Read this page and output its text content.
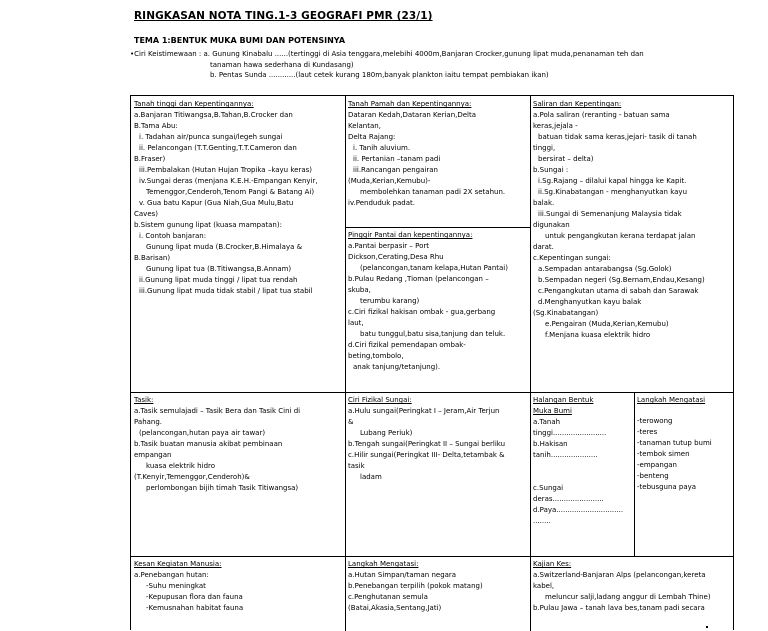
RINGKASAN NOTA TING.1-3 GEOGRAFI PMR (23/1)
TEMA 1:BENTUK MUKA BUMI DAN POTENSINYA
•Ciri Keistimewaan : a. Gunung Kinabalu ......(tertinggi di Asia tenggara,melebihi 4000m,Banjaran Crocker,gunung lipat muda,penanaman teh dan
tanaman hawa sederhana di Kundasang)
b. Pentas Sunda ............(laut cetek kurang 180m,banyak plankton iaitu tempat pembiakan ikan)
Tanah tinggi dan Kepentingannya:
a.Banjaran Titiwangsa,B.Tahan,B.Crocker dan
B.Tama Abu:
i. Tadahan air/punca sungai/legeh sungai
ii. Pelancongan (T.T.Genting,T.T.Cameron dan
B.Fraser)
iii.Pembalakan (Hutan Hujan Tropika –kayu keras)
iv.Sungai deras (menjana K.E.H.-Empangan Kenyir,
Temenggor,Cenderoh,Tenom Pangi & Batang Ai)
v. Gua batu Kapur (Gua Niah,Gua Mulu,Batu
Caves)
b.Sistem gunung lipat (kuasa mampatan):
i. Contoh banjaran:
Gunung lipat muda (B.Crocker,B.Himalaya &
B.Barisan)
Gunung lipat tua (B.Titiwangsa,B.Annam)
ii.Gunung lipat muda tinggi / lipat tua rendah
iii.Gunung lipat muda tidak stabil / lipat tua stabil
Tanah Pamah dan Kepentingannya:
Dataran Kedah,Dataran Kerian,Delta
Kelantan,
Delta Rajang:
i. Tanih aluvium.
ii. Pertanian –tanam padi
iii.Rancangan pengairan
(Muda,Kerian,Kemubu)-
membolehkan tanaman padi 2X setahun.
iv.Penduduk padat.
Pinggir Pantai dan kepentingannya:
a.Pantai berpasir – Port
Dickson,Cerating,Desa Rhu
(pelancongan,tanam kelapa,Hutan Pantai)
b.Pulau Redang ,Tioman (pelancongan –
skuba,
terumbu karang)
c.Ciri fizikal hakisan ombak - gua,gerbang
laut,
batu tunggul,batu sisa,tanjung dan teluk.
d.Ciri fizikal pemendapan ombak-
beting,tombolo,
anak tanjung/tetanjung).
Saliran dan Kepentingan:
a.Pola saliran (reranting - batuan sama
keras,jejala -
batuan tidak sama keras,jejari- tasik di tanah
tinggi,
bersirat – delta)
b.Sungai :
i.Sg.Rajang – dilalui kapal hingga ke Kapit.
ii.Sg.Kinabatangan - menghanyutkan kayu
balak.
iii.Sungai di Semenanjung Malaysia tidak
digunakan
untuk pengangkutan kerana terdapat jalan
darat.
c.Kepentingan sungai:
a.Sempadan antarabangsa (Sg.Golok)
b.Sempadan negeri (Sg.Bernam,Endau,Kesang)
c.Pengangkutan utama di sabah dan Sarawak
d.Menghanyutkan kayu balak
(Sg.Kinabatangan)
e.Pengairan (Muda,Kerian,Kemubu)
f.Menjana kuasa elektrik hidro
Tasik:
a.Tasik semulajadi – Tasik Bera dan Tasik Cini di
Pahang.
(pelancongan,hutan paya air tawar)
b.Tasik buatan manusia akibat pembinaan
empangan
kuasa elektrik hidro
(T.Kenyir,Temenggor,Cenderoh)&
perlombongan bijih timah Tasik Titiwangsa)
Ciri Fizikal Sungai:
a.Hulu sungai(Peringkat I – Jeram,Air Terjun
&
Lubang Periuk)
b.Tengah sungai(Peringkat II – Sungai berliku
c.Hilir sungai(Peringkat III- Delta,tetambak &
tasik
ladam
Halangan Bentuk
Muka Bumi
a.Tanah
tinggi........................
b.Hakisan
tanih.....................
c.Sungai
deras.......................
d.Paya..............................
........
Langkah Mengatasi
-terowong
-teres
-tanaman tutup bumi
-tembok simen
-empangan
-benteng
-tebusguna paya
Kesan Kegiatan Manusia:
a.Penebangan hutan:
-Suhu meningkat
-Kepupusan flora dan fauna
-Kemusnahan habitat fauna
Langkah Mengatasi:
a.Hutan Simpan/taman negara
b.Penebangan terpilih (pokok matang)
c.Penghutanan semula
(Batai,Akasia,Sentang,Jati)
Kajian Kes:
a.Switzerland-Banjaran Alps (pelancongan,kereta
kabel,
meluncur salji,ladang anggur di Lembah Thine)
b.Pulau Jawa – tanah lava bes,tanam padi secara
